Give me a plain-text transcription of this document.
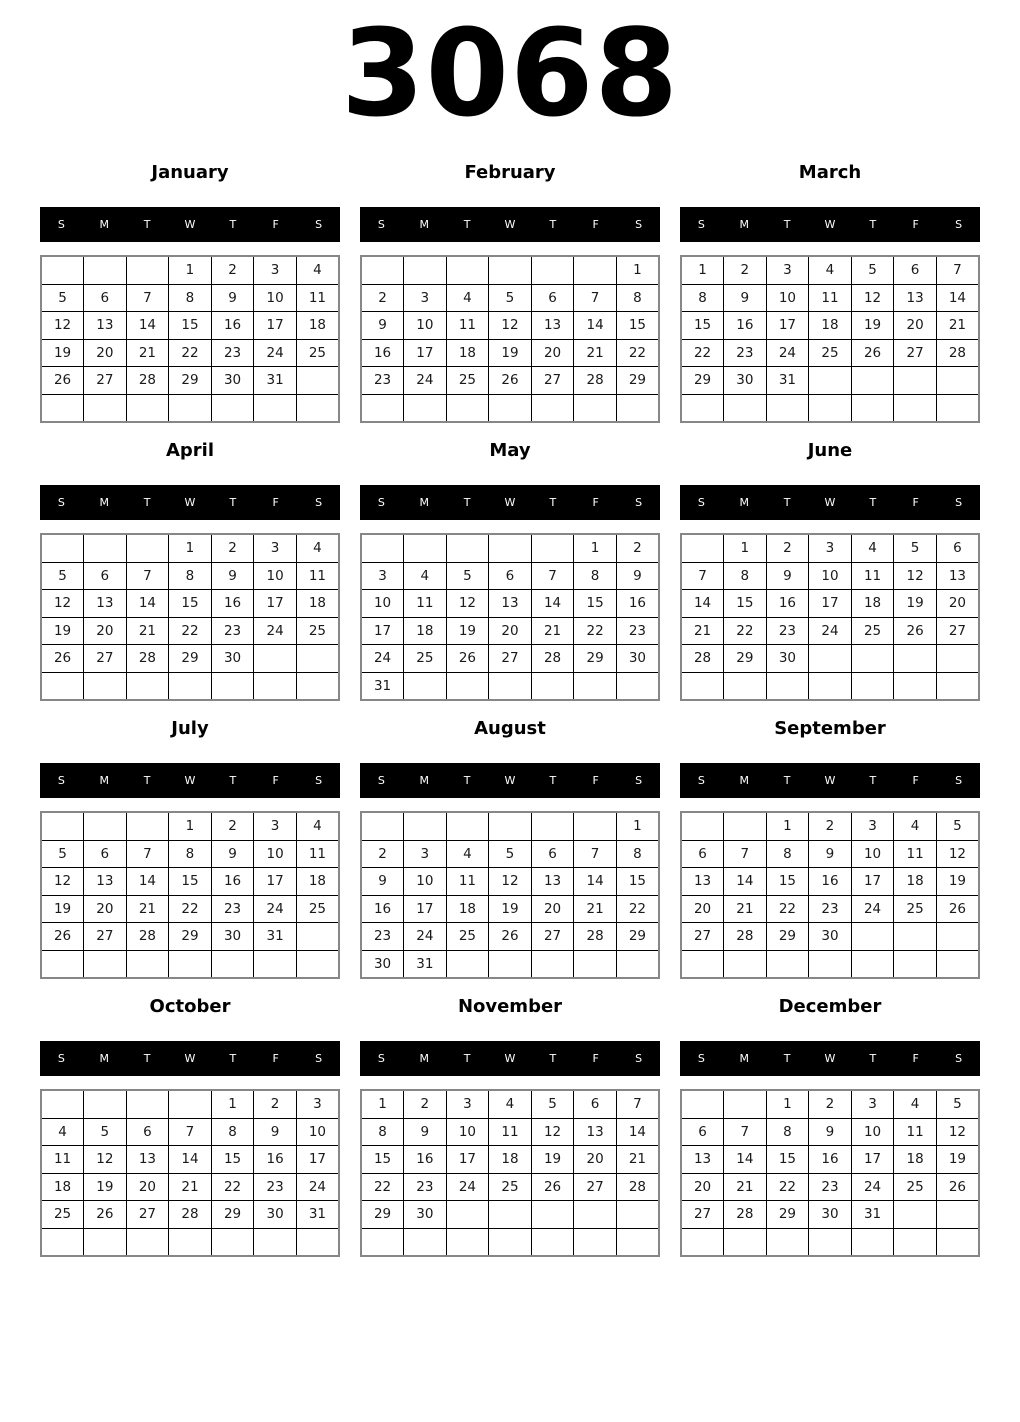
3068
January
S	M	T	W	T	F	S
			1	2	3	4
5	6	7	8	9	10	11
12	13	14	15	16	17	18
19	20	21	22	23	24	25
26	27	28	29	30	31	

February
S	M	T	W	T	F	S
						1
2	3	4	5	6	7	8
9	10	11	12	13	14	15
16	17	18	19	20	21	22
23	24	25	26	27	28	29

March
S	M	T	W	T	F	S
1	2	3	4	5	6	7
8	9	10	11	12	13	14
15	16	17	18	19	20	21
22	23	24	25	26	27	28
29	30	31				

April
S	M	T	W	T	F	S
			1	2	3	4
5	6	7	8	9	10	11
12	13	14	15	16	17	18
19	20	21	22	23	24	25
26	27	28	29	30		

May
S	M	T	W	T	F	S
					1	2
3	4	5	6	7	8	9
10	11	12	13	14	15	16
17	18	19	20	21	22	23
24	25	26	27	28	29	30
31						
June
S	M	T	W	T	F	S
	1	2	3	4	5	6
7	8	9	10	11	12	13
14	15	16	17	18	19	20
21	22	23	24	25	26	27
28	29	30				

July
S	M	T	W	T	F	S
			1	2	3	4
5	6	7	8	9	10	11
12	13	14	15	16	17	18
19	20	21	22	23	24	25
26	27	28	29	30	31	

August
S	M	T	W	T	F	S
						1
2	3	4	5	6	7	8
9	10	11	12	13	14	15
16	17	18	19	20	21	22
23	24	25	26	27	28	29
30	31					
September
S	M	T	W	T	F	S
		1	2	3	4	5
6	7	8	9	10	11	12
13	14	15	16	17	18	19
20	21	22	23	24	25	26
27	28	29	30			

October
S	M	T	W	T	F	S
				1	2	3
4	5	6	7	8	9	10
11	12	13	14	15	16	17
18	19	20	21	22	23	24
25	26	27	28	29	30	31

November
S	M	T	W	T	F	S
1	2	3	4	5	6	7
8	9	10	11	12	13	14
15	16	17	18	19	20	21
22	23	24	25	26	27	28
29	30					

December
S	M	T	W	T	F	S
		1	2	3	4	5
6	7	8	9	10	11	12
13	14	15	16	17	18	19
20	21	22	23	24	25	26
27	28	29	30	31		
